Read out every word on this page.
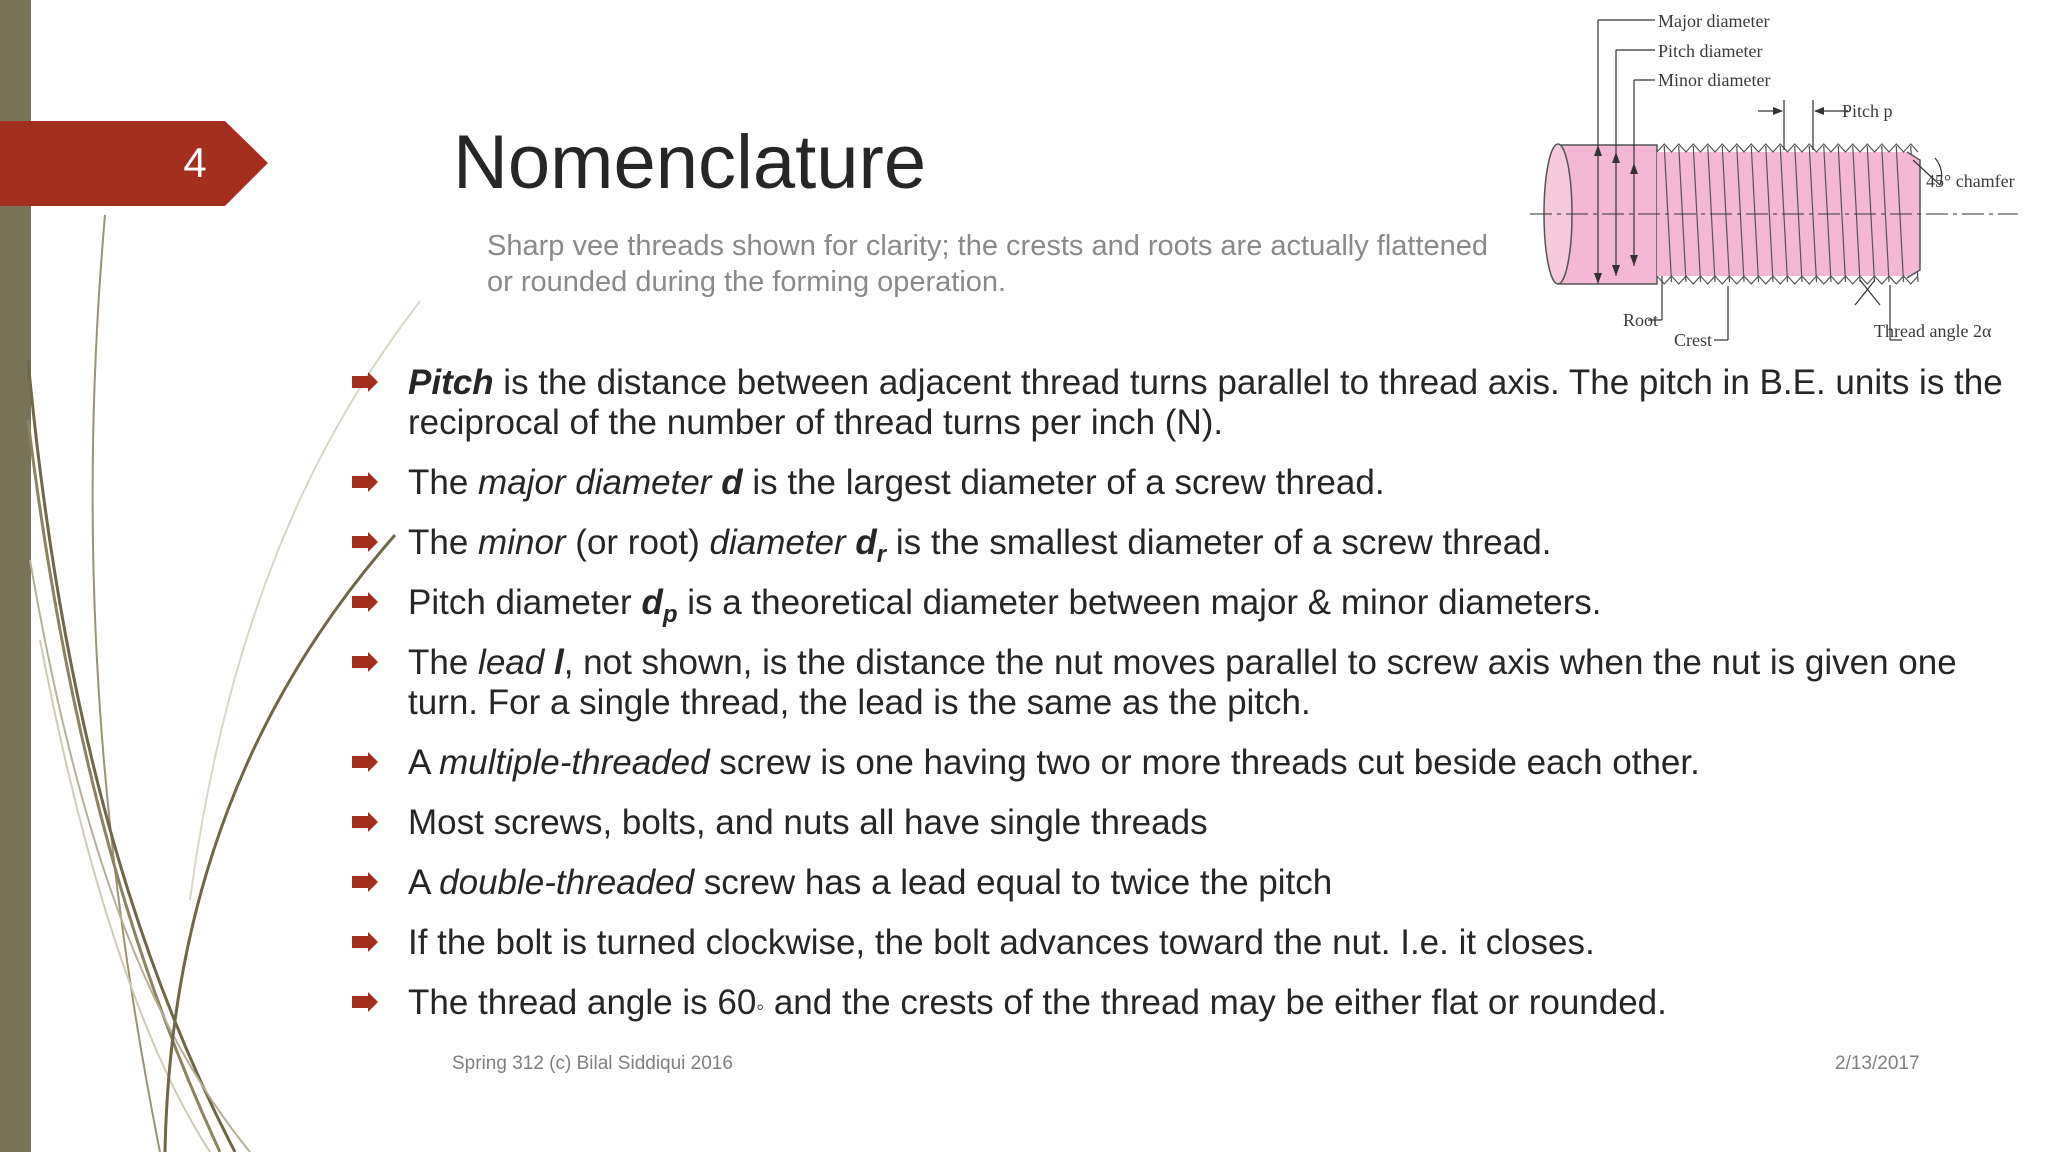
4	Nomenclature

Sharp vee threads shown for clarity; the crests and roots are actually flattened

or rounded during the forming operation.

Major diameter
Pitch diameter
Minor diameter
Pitch p
45° chamfer
Root
Crest	Thread angle 2α
Pitch is the distance between adjacent thread turns parallel to thread axis. The pitch in B.E. units is the reciprocal of the number of thread turns per inch (N).
The major diameter d is the largest diameter of a screw thread.
The minor (or root) diameter $d_r$ is the smallest diameter of a screw thread.
Pitch diameter $d_p$ is a theoretical diameter between major & minor diameters.
The lead l, not shown, is the distance the nut moves parallel to screw axis when the nut is given one turn. For a single thread, the lead is the same as the pitch.
A multiple-threaded screw is one having two or more threads cut beside each other.
Most screws, bolts, and nuts all have single threads
A double-threaded screw has a lead equal to twice the pitch
If the bolt is turned clockwise, the bolt advances toward the nut. I.e. it closes.
The thread angle is 60◦ and the crests of the thread may be either flat or rounded.
Spring 312 (c) Bilal Siddiqui 2016	2/13/2017
